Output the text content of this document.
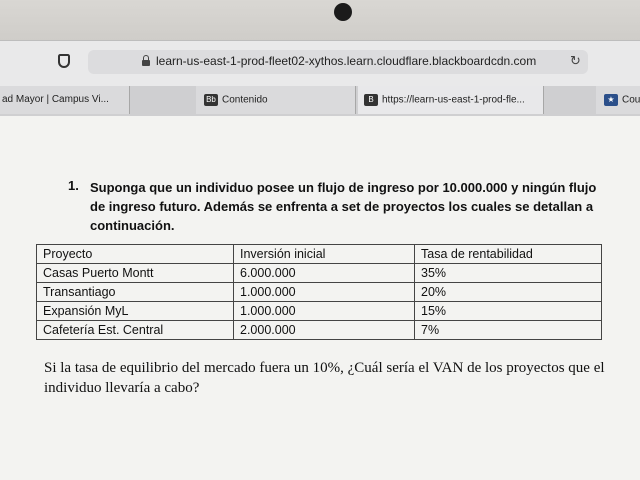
learn-us-east-1-prod-fleet02-xythos.learn.cloudflare.blackboardcdn.com	↻
ad Mayor | Campus Vi...	Bb Contenido	B https://learn-us-east-1-prod-fle...	★ Cou
1. Suponga que un individuo posee un flujo de ingreso por 10.000.000 y ningún flujo de ingreso futuro. Además se enfrenta a set de proyectos los cuales se detallan a continuación.
Proyecto	Inversión inicial	Tasa de rentabilidad
Casas Puerto Montt	6.000.000	35%
Transantiago	1.000.000	20%
Expansión MyL	1.000.000	15%
Cafetería Est. Central	2.000.000	7%
Si la tasa de equilibrio del mercado fuera un 10%, ¿Cuál sería el VAN de los proyectos que el individuo llevaría a cabo?
